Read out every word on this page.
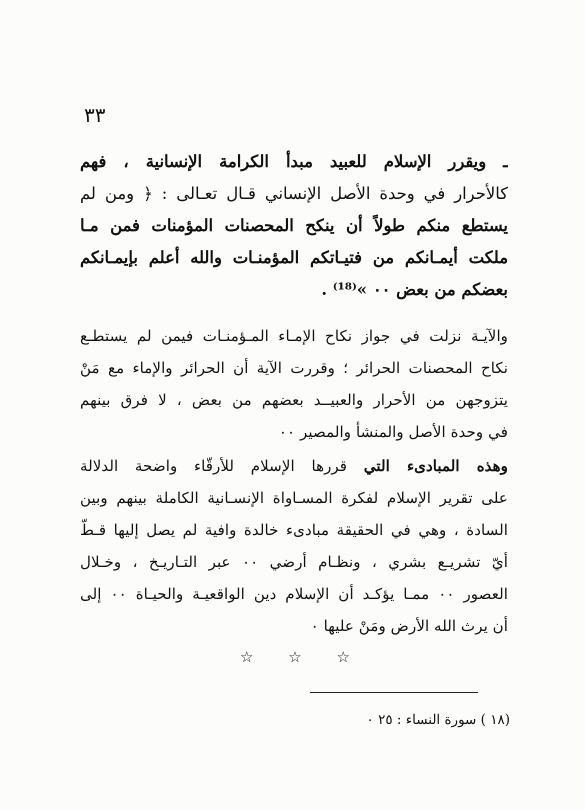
٣٣
ـ ويقرر الإسلام للعبيد مبدأ الكرامة الإنسانية ، فهم
كالأحرار في وحدة الأصل الإنساني قـال تعـالى : ﴿ ومن لم
يستطع منكم طولاً أن ينكح المحصنات المؤمنات فمن مـا
ملكت أيمـانكم من فتيـاتكم المؤمنـات والله أعلم بإيمـانكم
بعضكم من بعض ٠٠ »⁽¹⁸⁾ .
والآيـة نزلت في جواز نكاح الإمـاء المـؤمنـات فيمن لم يستطـع
نكاح المحصنات الحرائر ؛ وقررت الآية أن الحرائر والإماء مع مَنْ
يتزوجهن من الأحرار والعبيــد بعضهم من بعض ، لا فرق بينهم
في وحدة الأصل والمنشأ والمصير ٠٠
وهذه المبادىء التي قررها الإسلام للأرقّاء واضحة الدلالة
على تقرير الإسلام لفكرة المسـاواة الإنسـانية الكاملة بينهم وبين
السادة ، وهي في الحقيقة مبادىء خالدة وافية لم يصل إليها قـطّ
أيّ تشريـع بشري ، ونظـام أرضي ٠٠ عبر التـاريـخ ، وخـلال
العصور ٠٠ ممـا يؤكـد أن الإسلام دين الواقعيـة والحيـاة ٠٠ إلى
أن يرث الله الأرض ومَنْ عليها ٠
☆ ☆ ☆
(١٨ ) سورة النساء : ٢٥ ٠
